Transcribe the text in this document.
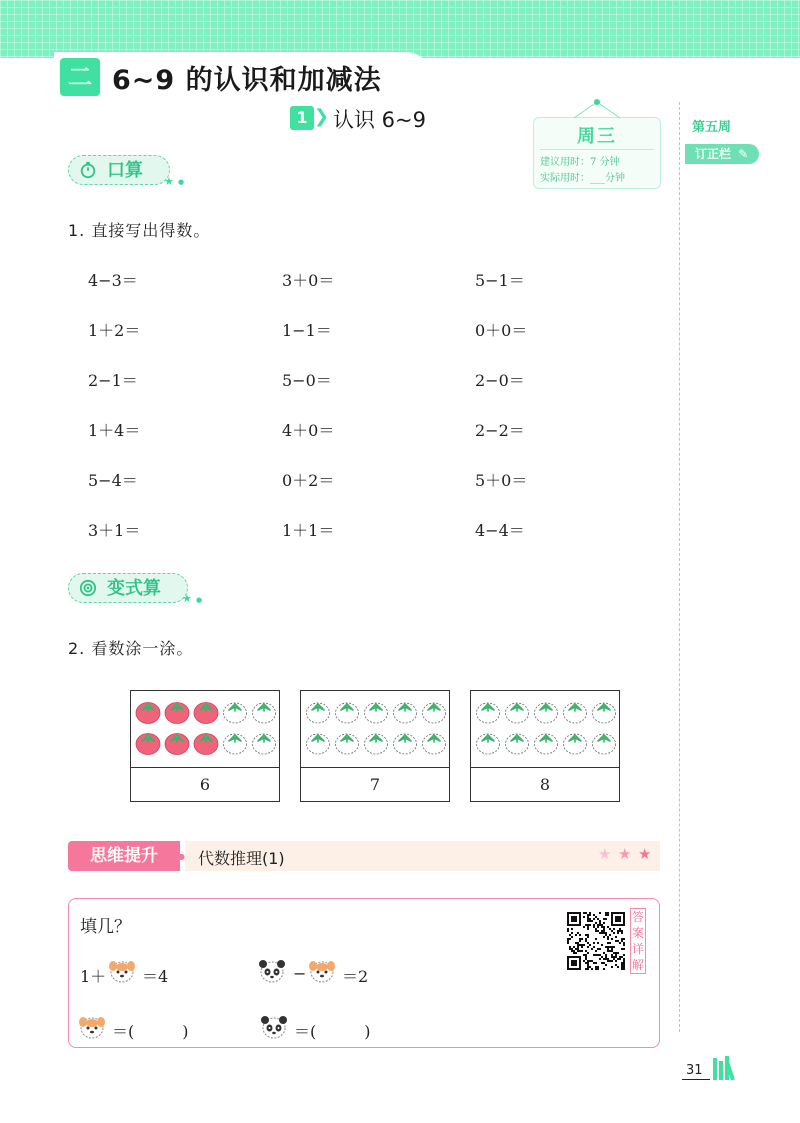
二 6~9 的认识和加减法
1 ❯ 认识 6~9
周三
建议用时：7 分钟
实际用时：___分钟
第五周
订正栏 ✎
口算
★ ●
1. 直接写出得数。
4−3＝	3＋0＝	5−1＝
1＋2＝	1−1＝	0＋0＝
2−1＝	5−0＝	2−0＝
1＋4＝	4＋0＝	2−2＝
5−4＝	0＋2＝	5＋0＝
3＋1＝	1＋1＝	4−4＝
变式算	★ ●
2. 看数涂一涂。
6	7	8
思维提升	● 代数推理(1)	★ ★ ★
填几？
1＋ ＝4	− ＝2
＝(　　　)	＝(　　　)
答
案
详
解
31
